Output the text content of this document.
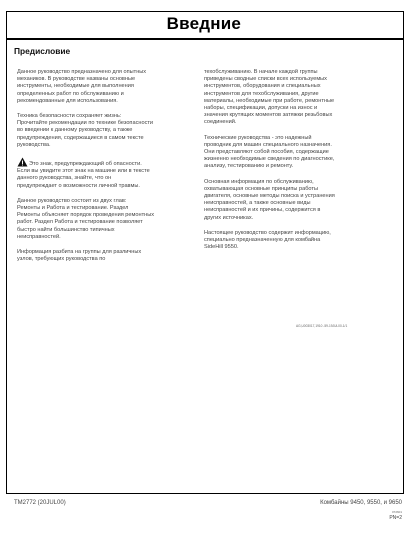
Введние
Предисловие
Данное руководство предназначено для опытных
механиков. В руководстве названы основные
инструменты, необходимые для выполнения
определенных работ по обслуживанию и
рекомендованные для использования.
Техника безопасности сохраняет жизнь:
Прочитайте рекомендации по технике безопасности
во введении к данному руководству, а также
предупреждения, содержащиеся в самом тексте
руководства.
Это знак, предупреждающий об опасности.
Если вы увидите этот знак на машине или в тексте
данного руководства, знайте, что он
предупреждает о возможности личной травмы.
Данное руководство состоит из двух глав:
Ремонты и Работа и тестирование. Раздел
Ремонты объясняет порядок проведения ремонтных
работ. Раздел Работа и тестирование позволяет
быстро найти большинство типичных
неисправностей.
Информация разбита на группы для различных
узлов, требующих руководства по
техобслуживанию. В начале каждой группы
приведены сводные списки всех используемых
инструментов, оборудования и специальных
инструментов для техобслуживания, другие
материалы, необходимые при работе, ремонтные
наборы, спецификации, допуски на износ и
значения крутящих моментов затяжки резьбовых
соединений.
Технические руководства - это надежный
проводник для машин специального назначения.
Они представляют собой пособия, содержащие
жизненно необходимые сведения по диагностике,
анализу, тестированию и ремонту.
Основная информация по обслуживанию,
охватывающая основные принципы работы
двигателя, основные методы поиска и устранения
неисправностей, а также основные виды
неисправностей и их причины, содержится в
других источниках.
Настоящее руководство содержит информацию,
специально предназначенную для комбайна
SideHill 9550.
AG,U003017,1910 -59-19JUL00-1/1
TM2772 (20JUL00)	Комбайны 9450, 9550, и 9650
072601
PN=2
